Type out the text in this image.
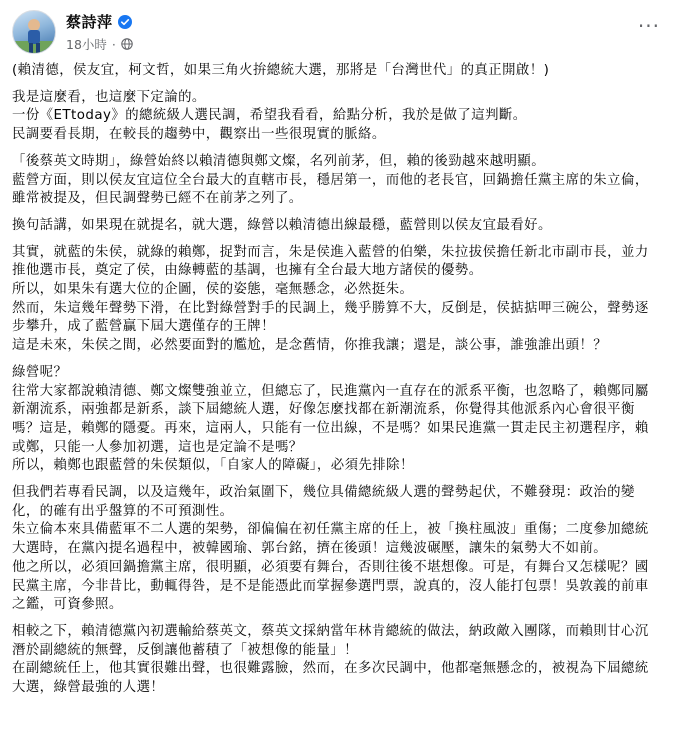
蔡詩萍
18小時 ·
···

(賴清德，侯友宜，柯文哲，如果三角火拚總統大選，那將是「台灣世代」的真正開啟！)

我是這麼看，也這麼下定論的。
一份《ETtoday》的總統級人選民調，希望我看看，給點分析，我於是做了這判斷。
民調要看長期，在較長的趨勢中，觀察出一些很現實的脈絡。

「後蔡英文時期」，綠營始終以賴清德與鄭文燦，名列前茅，但，賴的後勁越來越明顯。
藍營方面，則以侯友宜這位全台最大的直轄市長，穩居第一，而他的老長官，回鍋擔任黨主席的朱立倫，雖常被提及，但民調聲勢已經不在前茅之列了。

換句話講，如果現在就提名，就大選，綠營以賴清德出線最穩，藍營則以侯友宜最看好。

其實，就藍的朱侯，就綠的賴鄭，捉對而言，朱是侯進入藍營的伯樂，朱拉拔侯擔任新北市副市長，並力推他選市長，奠定了侯，由綠轉藍的基調，也擁有全台最大地方諸侯的優勢。
所以，如果朱有選大位的企圖，侯的姿態，毫無懸念，必然挺朱。
然而，朱這幾年聲勢下滑，在比對綠營對手的民調上，幾乎勝算不大，反倒是，侯掂掂呷三碗公，聲勢逐步攀升，成了藍營贏下屆大選僅存的王牌！
這是未來，朱侯之間，必然要面對的尷尬，是念舊情，你推我讓；還是，談公事，誰強誰出頭！？

綠營呢？
往常大家都說賴清德、鄭文燦雙強並立，但總忘了，民進黨內一直存在的派系平衡，也忽略了，賴鄭同屬新潮流系，兩強都是新系，談下屆總統人選，好像怎麼找都在新潮流系，你覺得其他派系內心會很平衡嗎？這是，賴鄭的隱憂。再來，這兩人，只能有一位出線，不是嗎？如果民進黨一貫走民主初選程序，賴或鄭，只能一人參加初選，這也是定論不是嗎？
所以，賴鄭也跟藍營的朱侯類似，「自家人的障礙」，必須先排除！

但我們若專看民調，以及這幾年，政治氣圍下，幾位具備總統級人選的聲勢起伏，不難發現：政治的變化，的確有出乎盤算的不可預測性。
朱立倫本來具備藍軍不二人選的架勢，卻偏偏在初任黨主席的任上，被「換柱風波」重傷；二度參加總統大選時，在黨內提名過程中，被韓國瑜、郭台銘，擠在後頭！這幾波碾壓，讓朱的氣勢大不如前。
他之所以，必須回鍋擔黨主席，很明顯，必須要有舞台，否則往後不堪想像。可是，有舞台又怎樣呢？國民黨主席，今非昔比，動輒得咎，是不是能憑此而掌握參選門票，說真的，沒人能打包票！吳敦義的前車之鑑，可資參照。

相較之下，賴清德黨內初選輸給蔡英文，蔡英文採納當年林肯總統的做法，納政敵入團隊，而賴則甘心沉潛於副總統的無聲，反倒讓他蓄積了「被想像的能量」！
在副總統任上，他其實很難出聲，也很難露臉，然而，在多次民調中，他都毫無懸念的，被視為下屆總統大選，綠營最強的人選！
